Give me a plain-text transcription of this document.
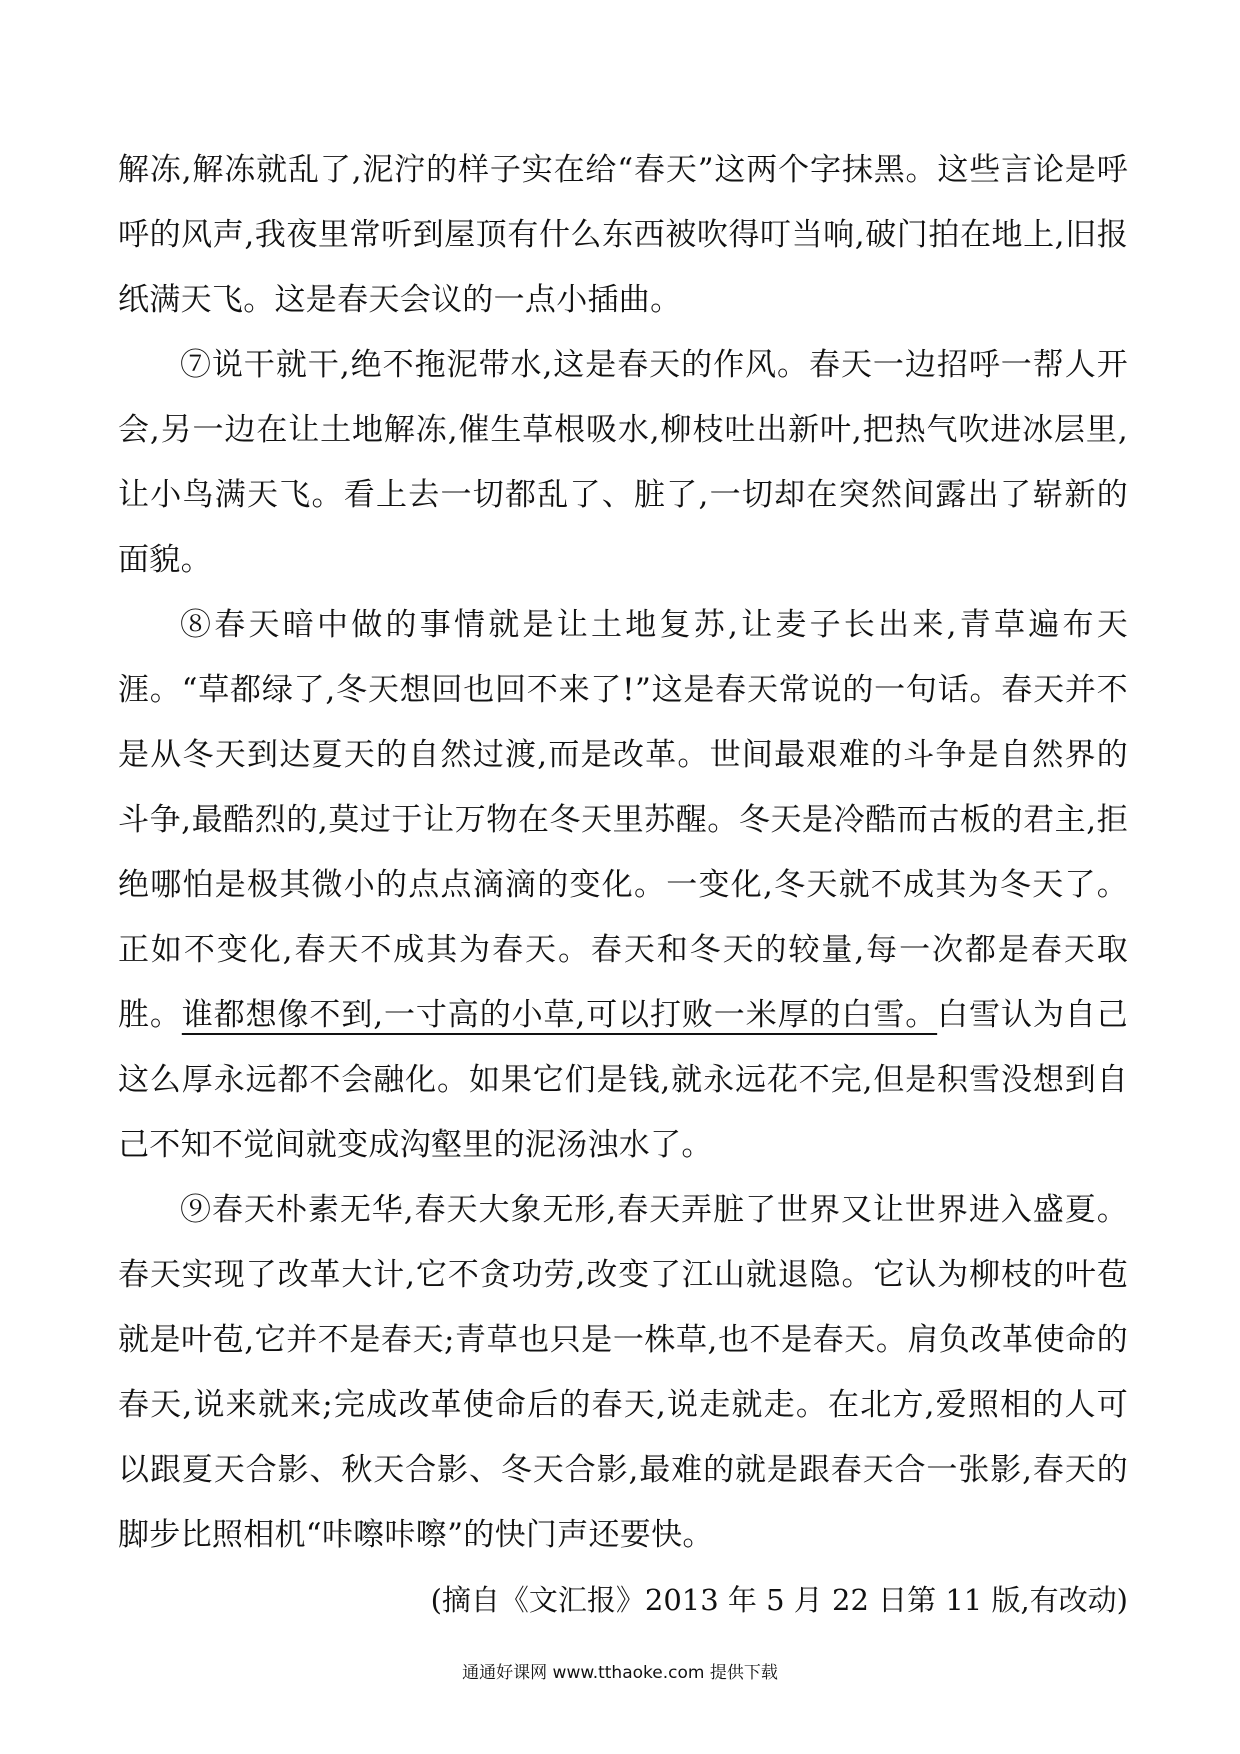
解冻,解冻就乱了,泥泞的样子实在给“春天”这两个字抹黑。这些言论是呼呼的风声,我夜里常听到屋顶有什么东西被吹得叮当响,破门拍在地上,旧报纸满天飞。这是春天会议的一点小插曲。

⑦说干就干,绝不拖泥带水,这是春天的作风。春天一边招呼一帮人开会,另一边在让土地解冻,催生草根吸水,柳枝吐出新叶,把热气吹进冰层里,让小鸟满天飞。看上去一切都乱了、脏了,一切却在突然间露出了崭新的面貌。

⑧春天暗中做的事情就是让土地复苏,让麦子长出来,青草遍布天涯。“草都绿了,冬天想回也回不来了!”这是春天常说的一句话。春天并不是从冬天到达夏天的自然过渡,而是改革。世间最艰难的斗争是自然界的斗争,最酷烈的,莫过于让万物在冬天里苏醒。冬天是冷酷而古板的君主,拒绝哪怕是极其微小的点点滴滴的变化。一变化,冬天就不成其为冬天了。正如不变化,春天不成其为春天。春天和冬天的较量,每一次都是春天取胜。谁都想像不到,一寸高的小草,可以打败一米厚的白雪。白雪认为自己这么厚永远都不会融化。如果它们是钱,就永远花不完,但是积雪没想到自己不知不觉间就变成沟壑里的泥汤浊水了。

⑨春天朴素无华,春天大象无形,春天弄脏了世界又让世界进入盛夏。春天实现了改革大计,它不贪功劳,改变了江山就退隐。它认为柳枝的叶苞就是叶苞,它并不是春天;青草也只是一株草,也不是春天。肩负改革使命的春天,说来就来;完成改革使命后的春天,说走就走。在北方,爱照相的人可以跟夏天合影、秋天合影、冬天合影,最难的就是跟春天合一张影,春天的脚步比照相机“咔嚓咔嚓”的快门声还要快。

(摘自《文汇报》2013 年 5 月 22 日第 11 版,有改动)

通通好课网 www.tthaoke.com 提供下载
